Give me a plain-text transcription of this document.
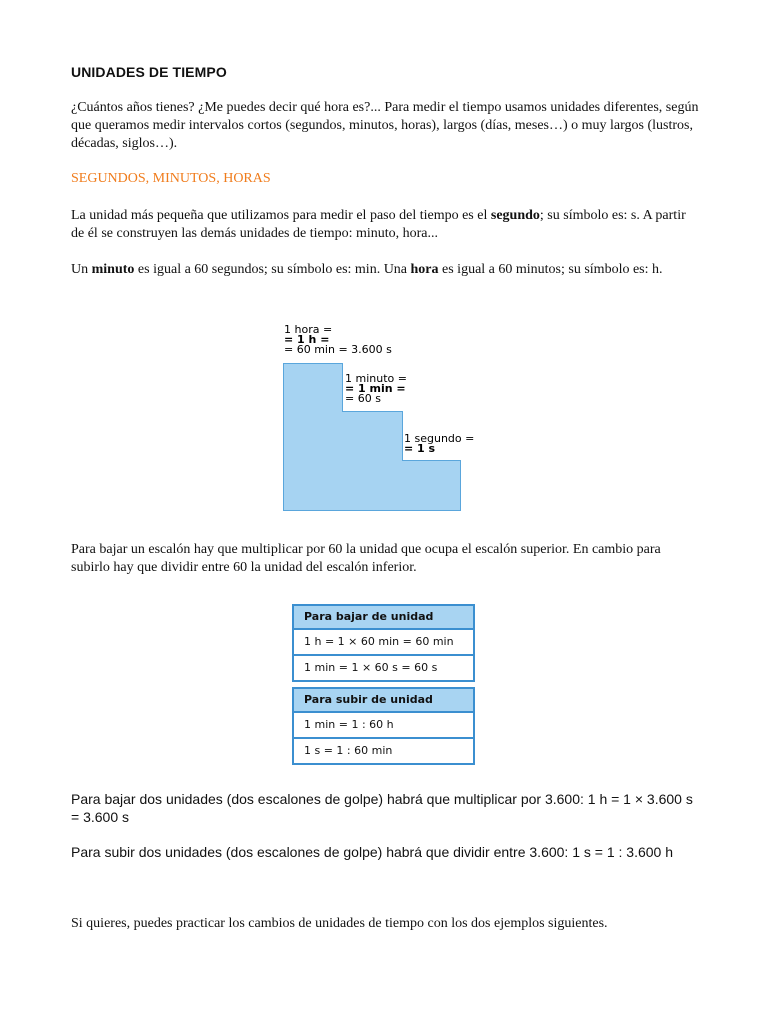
UNIDADES DE TIEMPO
¿Cuántos años tienes? ¿Me puedes decir qué hora es?... Para medir el tiempo usamos unidades diferentes, según que queramos medir intervalos cortos (segundos, minutos, horas), largos (días, meses…) o muy largos (lustros, décadas, siglos…).
SEGUNDOS, MINUTOS, HORAS
La unidad más pequeña que utilizamos para medir el paso del tiempo es el segundo; su símbolo es: s. A partir de él se construyen las demás unidades de tiempo: minuto, hora...
Un minuto es igual a 60 segundos; su símbolo es: min. Una hora es igual a 60 minutos; su símbolo es: h.
1 hora =
= 1 h =
= 60 min = 3.600 s
1 minuto =
= 1 min =
= 60 s
1 segundo =
= 1 s
Para bajar un escalón hay que multiplicar por 60 la unidad que ocupa el escalón superior. En cambio para subirlo hay que dividir entre 60 la unidad del escalón inferior.
Para bajar de unidad
1 h = 1 × 60 min = 60 min
1 min = 1 × 60 s = 60 s
Para subir de unidad
1 min = 1 : 60 h
1 s = 1 : 60 min
Para bajar dos unidades (dos escalones de golpe) habrá que multiplicar por 3.600: 1 h = 1 × 3.600 s = 3.600 s
Para subir dos unidades (dos escalones de golpe) habrá que dividir entre 3.600: 1 s = 1 : 3.600 h
Si quieres, puedes practicar los cambios de unidades de tiempo con los dos ejemplos siguientes.
